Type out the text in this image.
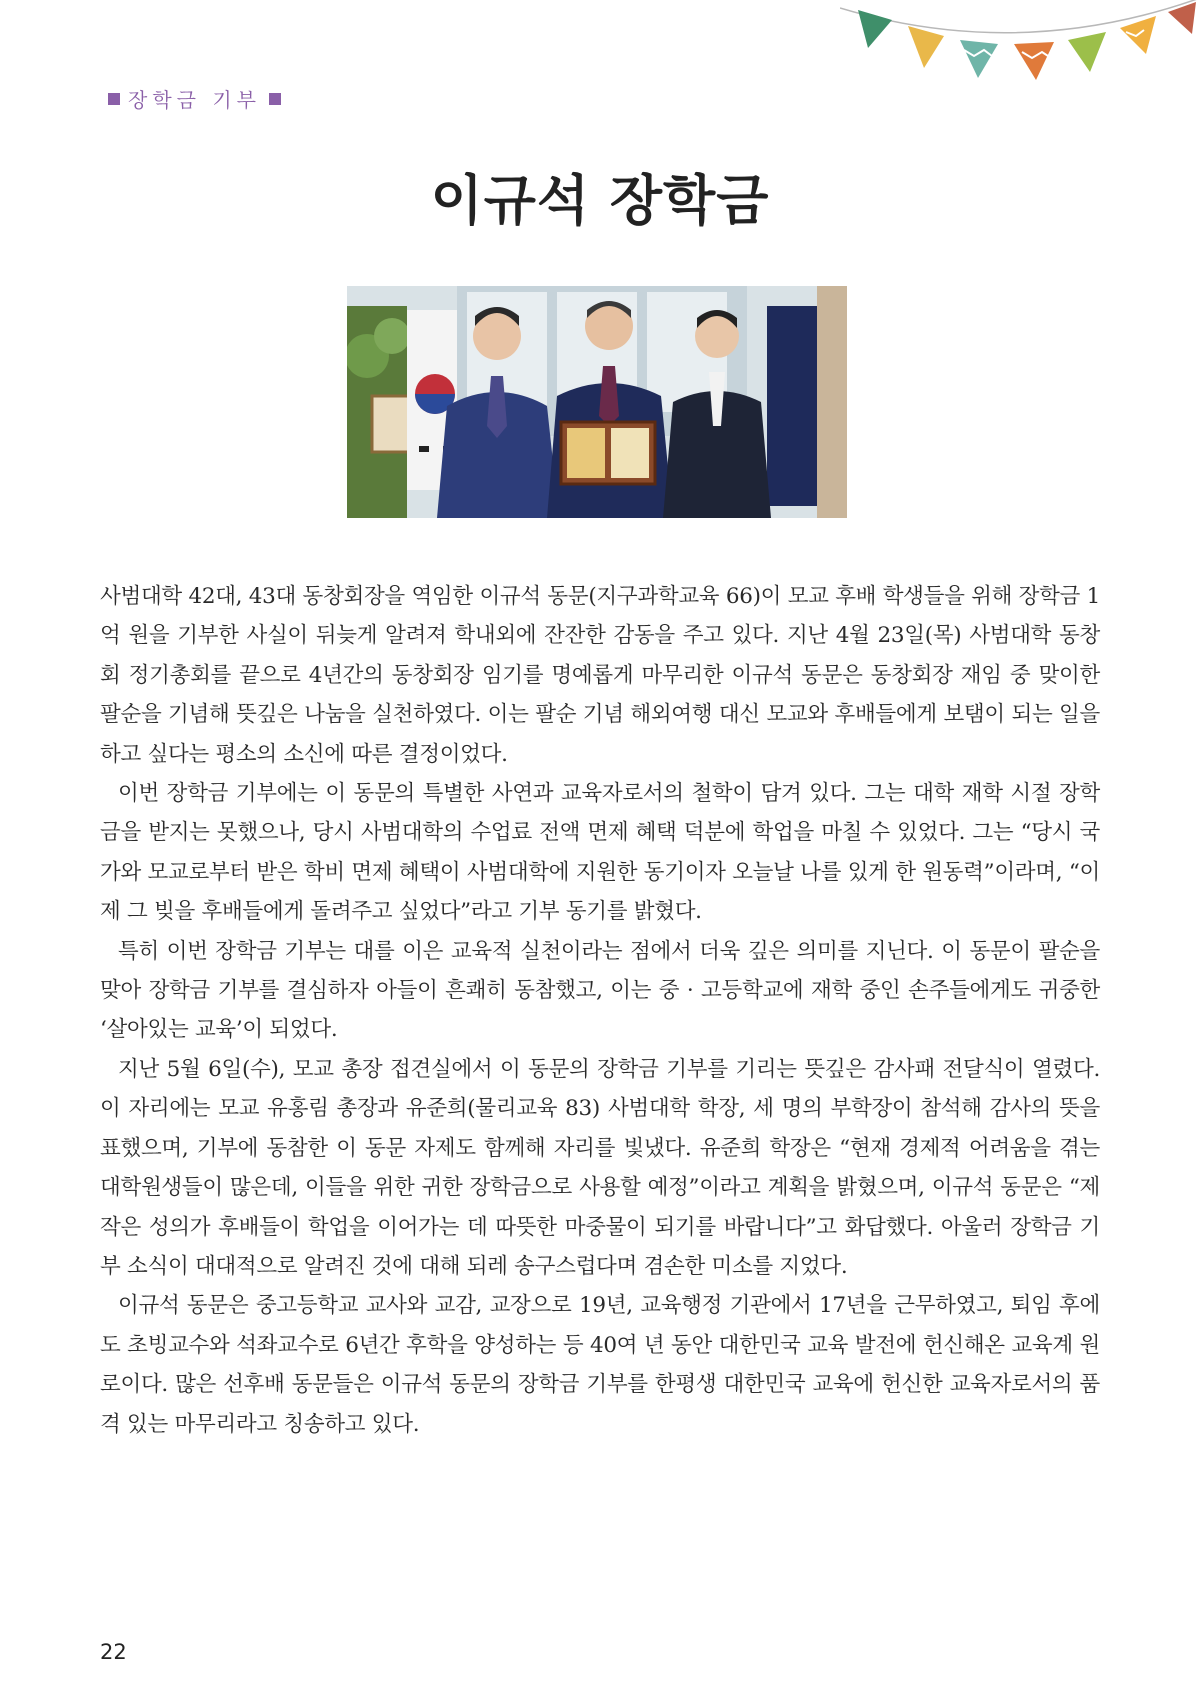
장학금 기부
이규석 장학금

사범대학 42대, 43대 동창회장을 역임한 이규석 동문(지구과학교육 66)이 모교 후배 학생들을 위해 장학금 1억 원을 기부한 사실이 뒤늦게 알려져 학내외에 잔잔한 감동을 주고 있다. 지난 4월 23일(목) 사범대학 동창회 정기총회를 끝으로 4년간의 동창회장 임기를 명예롭게 마무리한 이규석 동문은 동창회장 재임 중 맞이한 팔순을 기념해 뜻깊은 나눔을 실천하였다. 이는 팔순 기념 해외여행 대신 모교와 후배들에게 보탬이 되는 일을 하고 싶다는 평소의 소신에 따른 결정이었다.

이번 장학금 기부에는 이 동문의 특별한 사연과 교육자로서의 철학이 담겨 있다. 그는 대학 재학 시절 장학금을 받지는 못했으나, 당시 사범대학의 수업료 전액 면제 혜택 덕분에 학업을 마칠 수 있었다. 그는 “당시 국가와 모교로부터 받은 학비 면제 혜택이 사범대학에 지원한 동기이자 오늘날 나를 있게 한 원동력”이라며, “이제 그 빚을 후배들에게 돌려주고 싶었다”라고 기부 동기를 밝혔다.

특히 이번 장학금 기부는 대를 이은 교육적 실천이라는 점에서 더욱 깊은 의미를 지닌다. 이 동문이 팔순을 맞아 장학금 기부를 결심하자 아들이 흔쾌히 동참했고, 이는 중 · 고등학교에 재학 중인 손주들에게도 귀중한 ‘살아있는 교육’이 되었다.

지난 5월 6일(수), 모교 총장 접견실에서 이 동문의 장학금 기부를 기리는 뜻깊은 감사패 전달식이 열렸다. 이 자리에는 모교 유홍림 총장과 유준희(물리교육 83) 사범대학 학장, 세 명의 부학장이 참석해 감사의 뜻을 표했으며, 기부에 동참한 이 동문 자제도 함께해 자리를 빛냈다. 유준희 학장은 “현재 경제적 어려움을 겪는 대학원생들이 많은데, 이들을 위한 귀한 장학금으로 사용할 예정”이라고 계획을 밝혔으며, 이규석 동문은 “제 작은 성의가 후배들이 학업을 이어가는 데 따뜻한 마중물이 되기를 바랍니다”고 화답했다. 아울러 장학금 기부 소식이 대대적으로 알려진 것에 대해 되레 송구스럽다며 겸손한 미소를 지었다.

이규석 동문은 중고등학교 교사와 교감, 교장으로 19년, 교육행정 기관에서 17년을 근무하였고, 퇴임 후에도 초빙교수와 석좌교수로 6년간 후학을 양성하는 등 40여 년 동안 대한민국 교육 발전에 헌신해온 교육계 원로이다. 많은 선후배 동문들은 이규석 동문의 장학금 기부를 한평생 대한민국 교육에 헌신한 교육자로서의 품격 있는 마무리라고 칭송하고 있다.

22
